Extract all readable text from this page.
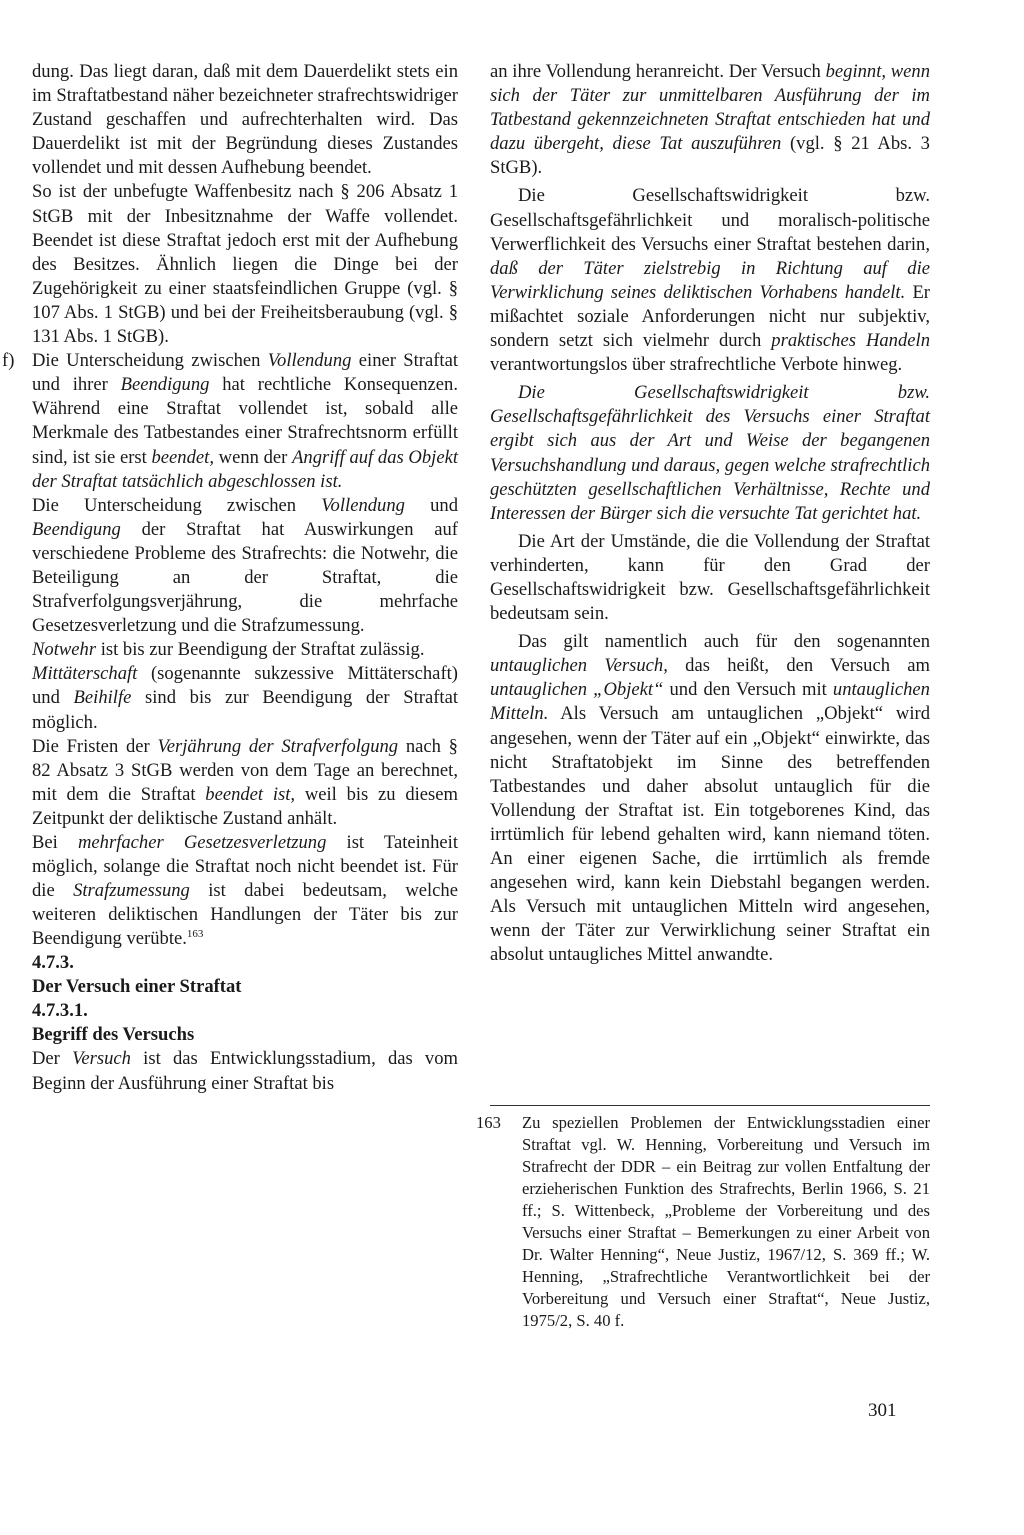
dung. Das liegt daran, daß mit dem Dauerdelikt stets ein im Straftatbestand näher bezeichneter strafrechtswidriger Zustand geschaffen und aufrechterhalten wird. Das Dauerdelikt ist mit der Begründung dieses Zustandes vollendet und mit dessen Aufhebung beendet.

So ist der unbefugte Waffenbesitz nach § 206 Absatz 1 StGB mit der Inbesitznahme der Waffe vollendet. Beendet ist diese Straftat jedoch erst mit der Aufhebung des Besitzes. Ähnlich liegen die Dinge bei der Zugehörigkeit zu einer staatsfeindlichen Gruppe (vgl. § 107 Abs. 1 StGB) und bei der Freiheitsberaubung (vgl. § 131 Abs. 1 StGB).

f) Die Unterscheidung zwischen Vollendung einer Straftat und ihrer Beendigung hat rechtliche Konsequenzen. Während eine Straftat vollendet ist, sobald alle Merkmale des Tatbestandes einer Strafrechtsnorm erfüllt sind, ist sie erst beendet, wenn der Angriff auf das Objekt der Straftat tatsächlich abgeschlossen ist.

Die Unterscheidung zwischen Vollendung und Beendigung der Straftat hat Auswirkungen auf verschiedene Probleme des Strafrechts: die Notwehr, die Beteiligung an der Straftat, die Strafverfolgungsverjährung, die mehrfache Gesetzesverletzung und die Strafzumessung.

Notwehr ist bis zur Beendigung der Straftat zulässig.

Mittäterschaft (sogenannte sukzessive Mittäterschaft) und Beihilfe sind bis zur Beendigung der Straftat möglich.

Die Fristen der Verjährung der Strafverfolgung nach § 82 Absatz 3 StGB werden von dem Tage an berechnet, mit dem die Straftat beendet ist, weil bis zu diesem Zeitpunkt der deliktische Zustand anhält.

Bei mehrfacher Gesetzesverletzung ist Tateinheit möglich, solange die Straftat noch nicht beendet ist. Für die Strafzumessung ist dabei bedeutsam, welche weiteren deliktischen Handlungen der Täter bis zur Beendigung verübte.$^{163}$

4.7.3.
Der Versuch einer Straftat
4.7.3.1.
Begriff des Versuchs

Der Versuch ist das Entwicklungsstadium, das vom Beginn der Ausführung einer Straftat bis

an ihre Vollendung heranreicht. Der Versuch beginnt, wenn sich der Täter zur unmittelbaren Ausführung der im Tatbestand gekennzeichneten Straftat entschieden hat und dazu übergeht, diese Tat auszuführen (vgl. § 21 Abs. 3 StGB).

Die Gesellschaftswidrigkeit bzw. Gesellschaftsgefährlichkeit und moralisch-politische Verwerflichkeit des Versuchs einer Straftat bestehen darin, daß der Täter zielstrebig in Richtung auf die Verwirklichung seines deliktischen Vorhabens handelt. Er mißachtet soziale Anforderungen nicht nur subjektiv, sondern setzt sich vielmehr durch praktisches Handeln verantwortungslos über strafrechtliche Verbote hinweg.

Die Gesellschaftswidrigkeit bzw. Gesellschaftsgefährlichkeit des Versuchs einer Straftat ergibt sich aus der Art und Weise der begangenen Versuchshandlung und daraus, gegen welche strafrechtlich geschützten gesellschaftlichen Verhältnisse, Rechte und Interessen der Bürger sich die versuchte Tat gerichtet hat.

Die Art der Umstände, die die Vollendung der Straftat verhinderten, kann für den Grad der Gesellschaftswidrigkeit bzw. Gesellschaftsgefährlichkeit bedeutsam sein.

Das gilt namentlich auch für den sogenannten untauglichen Versuch, das heißt, den Versuch am untauglichen „Objekt“ und den Versuch mit untauglichen Mitteln. Als Versuch am untauglichen „Objekt“ wird angesehen, wenn der Täter auf ein „Objekt“ einwirkte, das nicht Straftatobjekt im Sinne des betreffenden Tatbestandes und daher absolut untauglich für die Vollendung der Straftat ist. Ein totgeborenes Kind, das irrtümlich für lebend gehalten wird, kann niemand töten. An einer eigenen Sache, die irrtümlich als fremde angesehen wird, kann kein Diebstahl begangen werden. Als Versuch mit untauglichen Mitteln wird angesehen, wenn der Täter zur Verwirklichung seiner Straftat ein absolut untaugliches Mittel anwandte.

163	Zu speziellen Problemen der Entwicklungsstadien einer Straftat vgl. W. Henning, Vorbereitung und Versuch im Strafrecht der DDR – ein Beitrag zur vollen Entfaltung der erzieherischen Funktion des Strafrechts, Berlin 1966, S. 21 ff.; S. Wittenbeck, „Probleme der Vorbereitung und des Versuchs einer Straftat – Bemerkungen zu einer Arbeit von Dr. Walter Henning“, Neue Justiz, 1967/12, S. 369 ff.; W. Henning, „Strafrechtliche Verantwortlichkeit bei der Vorbereitung und Versuch einer Straftat“, Neue Justiz, 1975/2, S. 40 f.
301
